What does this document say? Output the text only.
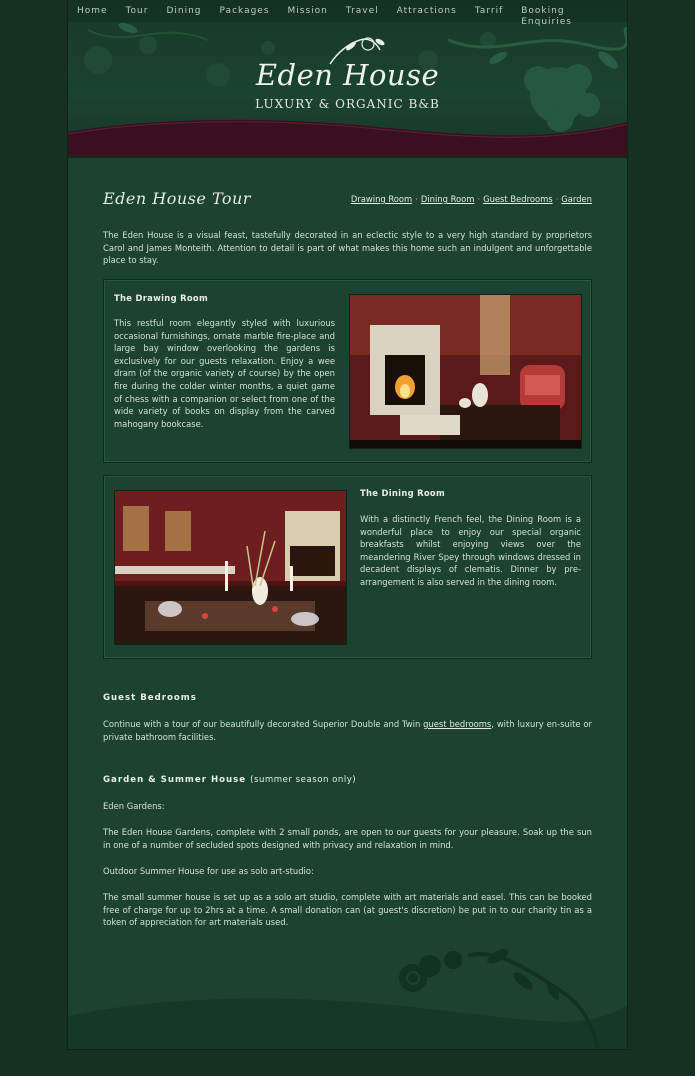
Home	Tour	Dining	Packages	Mission	Travel	Attractions	Tarrif	Booking Enquiries
Eden House
LUXURY & ORGANIC B&B
Eden House Tour	Drawing Room · Dining Room · Guest Bedrooms · Garden

The Eden House is a visual feast, tastefully decorated in an eclectic style to a very high standard by proprietors Carol and James Monteith. Attention to detail is part of what makes this home such an indulgent and unforgettable place to stay.

The Drawing Room

This restful room elegantly styled with luxurious occasional furnishings, ornate marble fire-place and large bay window overlooking the gardens is exclusively for our guests relaxation. Enjoy a wee dram (of the organic variety of course) by the open fire during the colder winter months, a quiet game of chess with a companion or select from one of the wide variety of books on display from the carved mahogany bookcase.

The Dining Room

With a distinctly French feel, the Dining Room is a wonderful place to enjoy our special organic breakfasts whilst enjoying views over the meandering River Spey through windows dressed in decadent displays of clematis. Dinner by pre-arrangement is also served in the dining room.

Guest Bedrooms

Continue with a tour of our beautifully decorated Superior Double and Twin guest bedrooms, with luxury en-suite or private bathroom facilities.

Garden & Summer House (summer season only)

Eden Gardens:

The Eden House Gardens, complete with 2 small ponds, are open to our guests for your pleasure. Soak up the sun in one of a number of secluded spots designed with privacy and relaxation in mind.

Outdoor Summer House for use as solo art-studio:

The small summer house is set up as a solo art studio, complete with art materials and easel. This can be booked free of charge for up to 2hrs at a time. A small donation can (at guest's discretion) be put in to our charity tin as a token of appreciation for art materials used.
